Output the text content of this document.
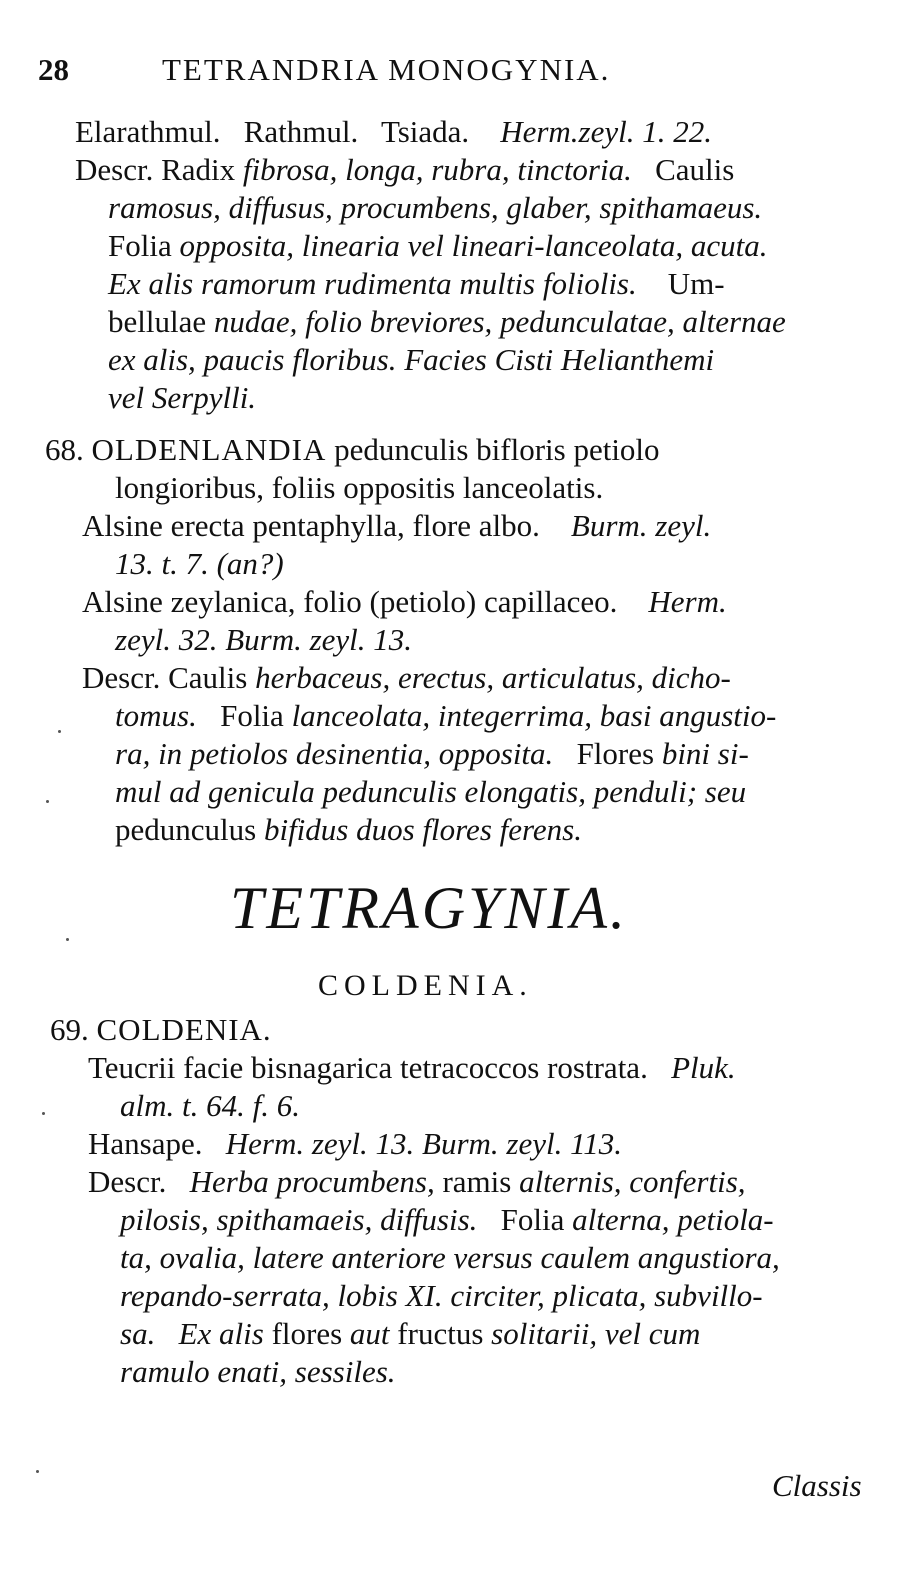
28	TETRANDRIA MONOGYNIA.
Elarathmul. Rathmul. Tsiada. Herm.zeyl. 1. 22.
Descr. Radix fibrosa, longa, rubra, tinctoria. Caulis
ramosus, diffusus, procumbens, glaber, spithamaeus.
Folia opposita, linearia vel lineari-lanceolata, acuta.
Ex alis ramorum rudimenta multis foliolis. Um-
bellulae nudae, folio breviores, pedunculatae, alternae
ex alis, paucis floribus. Facies Cisti Helianthemi
vel Serpylli.
68. OLDENLANDIA pedunculis bifloris petiolo
longioribus, foliis oppositis lanceolatis.
Alsine erecta pentaphylla, flore albo. Burm. zeyl.
13. t. 7. (an?)
Alsine zeylanica, folio (petiolo) capillaceo. Herm.
zeyl. 32. Burm. zeyl. 13.
Descr. Caulis herbaceus, erectus, articulatus, dicho-
tomus. Folia lanceolata, integerrima, basi angustio-
ra, in petiolos desinentia, opposita. Flores bini si-
mul ad genicula pedunculis elongatis, penduli; seu
pedunculus bifidus duos flores ferens.
TETRAGYNIA.
COLDENIA.
69. COLDENIA.
Teucrii facie bisnagarica tetracoccos rostrata. Pluk.
alm. t. 64. f. 6.
Hansape. Herm. zeyl. 13. Burm. zeyl. 113.
Descr. Herba procumbens, ramis alternis, confertis,
pilosis, spithamaeis, diffusis. Folia alterna, petiola-
ta, ovalia, latere anteriore versus caulem angustiora,
repando-serrata, lobis XI. circiter, plicata, subvillo-
sa. Ex alis flores aut fructus solitarii, vel cum
ramulo enati, sessiles.
Classis
